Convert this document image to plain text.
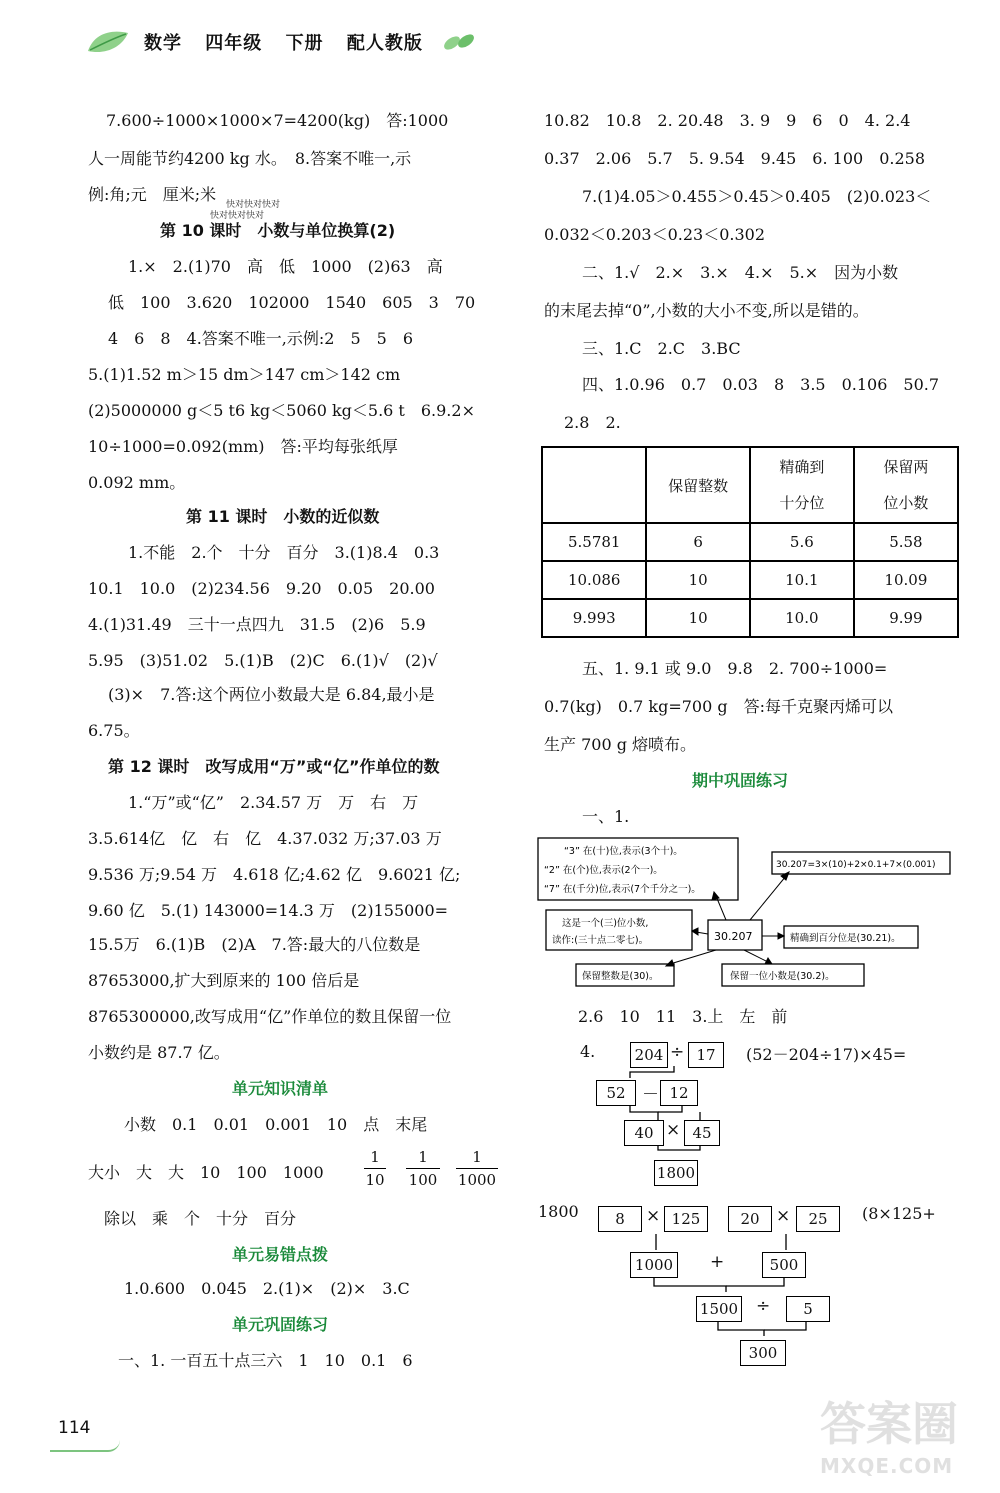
数学 四年级 下册 配人教版
7.600÷1000×1000×7=4200(kg)　答:1000
人一周能节约4200 kg 水。　8.答案不唯一,示
例:角;元　厘米;米
快对快对快对
快对快对快对
第 10 课时　小数与单位换算(2)
1.×　2.(1)70　高　低　1000　(2)63　高
低　100　3.620　102000　1540　605　3　70
4　6　8　4.答案不唯一,示例:2　5　5　6
5.(1)1.52 m＞15 dm＞147 cm＞142 cm
(2)5000000 g＜5 t6 kg＜5060 kg＜5.6 t　6.9.2×
10÷1000=0.092(mm)　答:平均每张纸厚
0.092 mm。
第 11 课时　小数的近似数
1.不能　2.个　十分　百分　3.(1)8.4　0.3
10.1　10.0　(2)234.56　9.20　0.05　20.00
4.(1)31.49　三十一点四九　31.5　(2)6　5.9
5.95　(3)51.02　5.(1)B　(2)C　6.(1)√　(2)√
(3)×　7.答:这个两位小数最大是 6.84,最小是
6.75。
第 12 课时　改写成用“万”或“亿”作单位的数
1.“万”或“亿”　2.34.57 万　万　右　万
3.5.614亿　亿　右　亿　4.37.032 万;37.03 万
9.536 万;9.54 万　4.618 亿;4.62 亿　9.6021 亿;
9.60 亿　5.(1) 143000=14.3 万　(2)155000=
15.5万　6.(1)B　(2)A　7.答:最大的八位数是
87653000,扩大到原来的 100 倍后是
8765300000,改写成用“亿”作单位的数且保留一位
小数约是 87.7 亿。
单元知识清单
小数　0.1　0.01　0.001　10　点　末尾
大小　大　大　10　100　1000
1
10
1
100
1
1000
除以　乘　个　十分　百分
单元易错点拨
1.0.600　0.045　2.(1)×　(2)×　3.C
单元巩固练习
一、1. 一百五十点三六　1　10　0.1　6
10.82　10.8　2. 20.48　3. 9　9　6　0　4. 2.4
0.37　2.06　5.7　5. 9.54　9.45　6. 100　0.258
7.(1)4.05＞0.455＞0.45＞0.405　(2)0.023＜
0.032＜0.203＜0.23＜0.302
二、1.√　2.×　3.×　4.×　5.×　因为小数
的末尾去掉“0”,小数的大小不变,所以是错的。
三、1.C　2.C　3.BC
四、1.0.96　0.7　0.03　8　3.5　0.106　50.7
2.8　2.
	保留整数	精确到
十分位	保留两
位小数
5.5781	6	5.6	5.58
10.086	10	10.1	10.09
9.993	10	10.0	9.99
五、1. 9.1 或 9.0　9.8　2. 700÷1000=
0.7(kg)　0.7 kg=700 g　答:每千克聚丙烯可以
生产 700 g 熔喷布。
期中巩固练习
一、1.
“3” 在(十)位,表示(3个十)。
“2” 在(个)位,表示(2个一)。
“7” 在(千分)位,表示(7个千分之一)。
30.207=3×(10)+2×0.1+7×(0.001)
这是一个(三)位小数,
读作:(三十点二零七)。	30.207	精确到百分位是(30.21)。
保留整数是(30)。	保留一位小数是(30.2)。
2.6　10　11　3.上　左　前
4.	204 ÷ 17	(52－204÷17)×45=
52 － 12
40 × 45
1800
1800	8	× 125	20 ×	25	(8×125+
1000 +	500
1500 ÷	5
300
114	答案圈
MXQE.COM
